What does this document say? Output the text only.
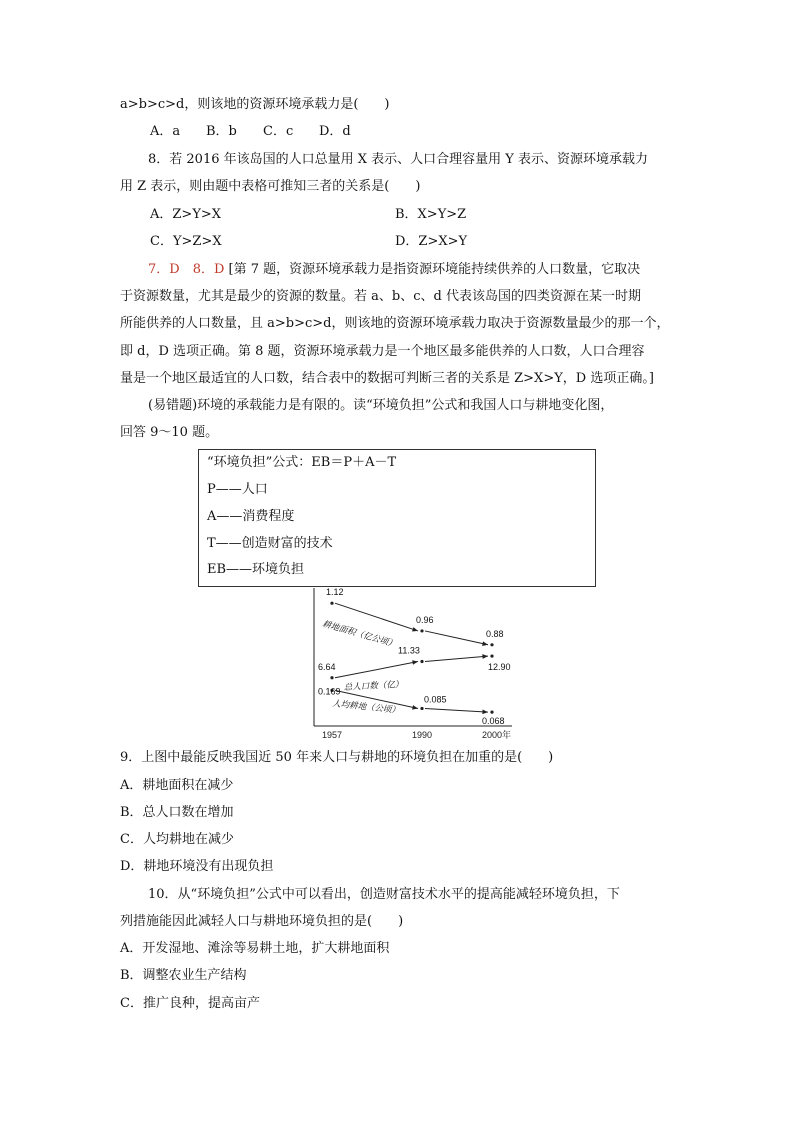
a>b>c>d，则该地的资源环境承载力是(　　)
A．a B．b C．c D．d
8．若 2016 年该岛国的人口总量用 X 表示、人口合理容量用 Y 表示、资源环境承载力
用 Z 表示，则由题中表格可推知三者的关系是(　　)
A．Z>Y>X	B．X>Y>Z
C．Y>Z>X	D．Z>X>Y
7．D　8．D [第 7 题，资源环境承载力是指资源环境能持续供养的人口数量，它取决
于资源数量，尤其是最少的资源的数量。若 a、b、c、d 代表该岛国的四类资源在某一时期
所能供养的人口数量，且 a>b>c>d，则该地的资源环境承载力取决于资源数量最少的那一个，
即 d，D 选项正确。第 8 题，资源环境承载力是一个地区最多能供养的人口数，人口合理容
量是一个地区最适宜的人口数，结合表中的数据可判断三者的关系是 Z>X>Y，D 选项正确。]
(易错题)环境的承载能力是有限的。读“环境负担”公式和我国人口与耕地变化图，
回答 9～10 题。
“环境负担”公式：EB＝P＋A－T
P——人口
A——消费程度
T——创造财富的技术
EB——环境负担
1957	1990	2000年
1.12
0.96
0.88
耕地面积（亿公顷）
6.64
11.33
12.90
总人口数（亿）
0.169
0.085
0.068
人均耕地（公顷）
9．上图中最能反映我国近 50 年来人口与耕地的环境负担在加重的是(　　)
A．耕地面积在减少
B．总人口数在增加
C．人均耕地在减少
D．耕地环境没有出现负担
10．从“环境负担”公式中可以看出，创造财富技术水平的提高能减轻环境负担，下
列措施能因此减轻人口与耕地环境负担的是(　　)
A．开发湿地、滩涂等易耕土地，扩大耕地面积
B．调整农业生产结构
C．推广良种，提高亩产
